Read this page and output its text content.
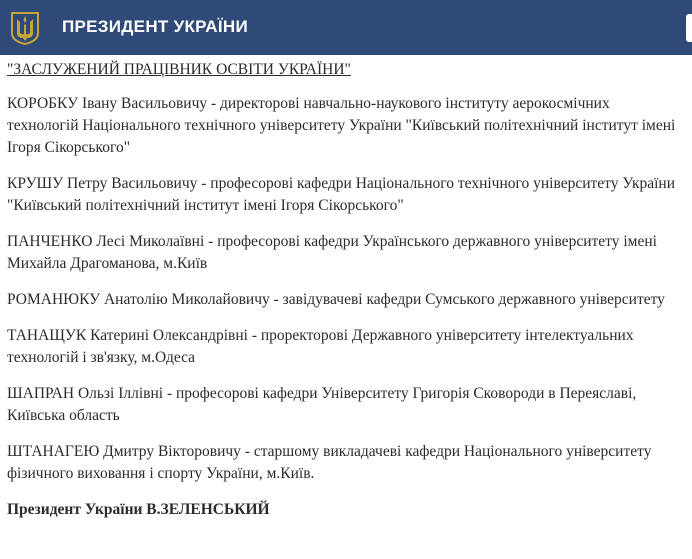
ПРЕЗИДЕНТ УКРАЇНИ
"ЗАСЛУЖЕНИЙ ПРАЦІВНИК ОСВІТИ УКРАЇНИ"
КОРОБКУ Івану Васильовичу - директорові навчально-наукового інституту аерокосмічних технологій Національного технічного університету України "Київський політехнічний інститут імені Ігоря Сікорського"
КРУШУ Петру Васильовичу - професорові кафедри Національного технічного університету України "Київський політехнічний інститут імені Ігоря Сікорського"
ПАНЧЕНКО Лесі Миколаївні - професорові кафедри Українського державного університету імені Михайла Драгоманова, м.Київ
РОМАНЮКУ Анатолію Миколайовичу - завідувачеві кафедри Сумського державного університету
ТАНАЩУК Катерині Олександрівні - проректорові Державного університету інтелектуальних технологій і зв'язку, м.Одеса
ШАПРАН Ользі Іллівні - професорові кафедри Університету Григорія Сковороди в Переяславі, Київська область
ШТАНАГЕЮ Дмитру Вікторовичу - старшому викладачеві кафедри Національного університету фізичного виховання і спорту України, м.Київ.
Президент України В.ЗЕЛЕНСЬКИЙ
